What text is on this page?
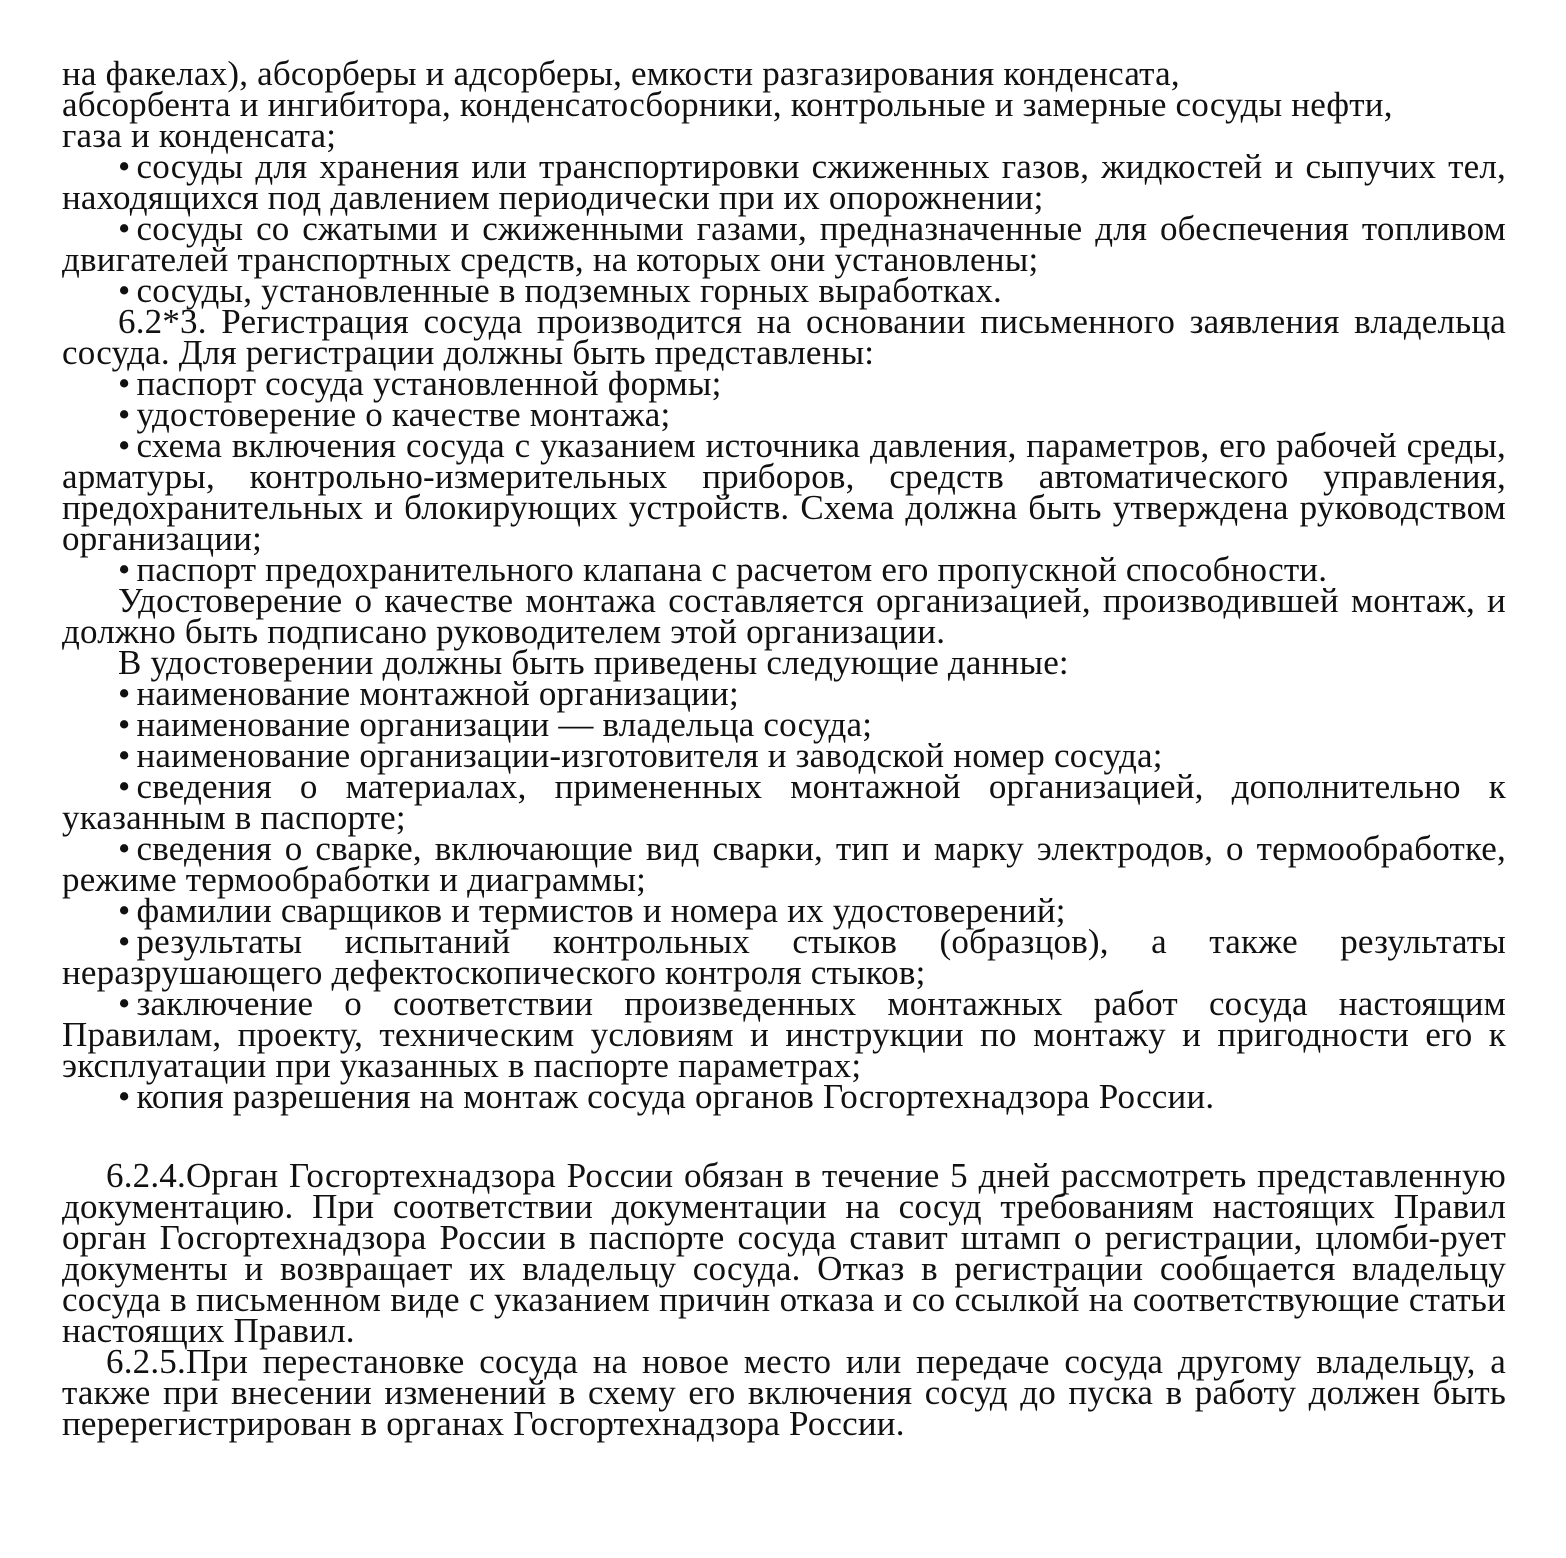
на факелах), абсорберы и адсорберы, емкости разгазирования конденсата,

абсорбента и ингибитора, конденсатосборники, контрольные и замерные сосуды нефти,

газа и конденсата;

• сосуды для хранения или транспортировки сжиженных газов, жидкостей и сыпучих тел, находящихся под давлением периодически при их опорожнении;

• сосуды со сжатыми и сжиженными газами, предназначенные для обеспечения топливом двигателей транспортных средств, на которых они установлены;

• сосуды, установленные в подземных горных выработках.

6.2*3. Регистрация сосуда производится на основании письменного заявления владельца сосуда. Для регистрации должны быть представлены:

• паспорт сосуда установленной формы;

• удостоверение о качестве монтажа;

• схема включения сосуда с указанием источника давления, параметров, его рабочей среды, арматуры, контрольно-измерительных приборов, средств автоматического управления, предохранительных и блокирующих устройств. Схема должна быть утверждена руководством организации;

• паспорт предохранительного клапана с расчетом его пропускной способности.

Удостоверение о качестве монтажа составляется организацией, производившей монтаж, и должно быть подписано руководителем этой организации.

В удостоверении должны быть приведены следующие данные:

• наименование монтажной организации;

• наименование организации — владельца сосуда;

• наименование организации-изготовителя и заводской номер сосуда;

• сведения о материалах, примененных монтажной организацией, дополнительно к указанным в паспорте;

• сведения о сварке, включающие вид сварки, тип и марку электродов, о термообработке, режиме термообработки и диаграммы;

• фамилии сварщиков и термистов и номера их удостоверений;

• результаты испытаний контрольных стыков (образцов), а также результаты неразрушающего дефектоскопического контроля стыков;

• заключение о соответствии произведенных монтажных работ сосуда настоящим Правилам, проекту, техническим условиям и инструкции по монтажу и пригодности его к эксплуатации при указанных в паспорте параметрах;

• копия разрешения на монтаж сосуда органов Госгортехнадзора России.

6.2.4.Орган Госгортехнадзора России обязан в течение 5 дней рассмотреть представленную документацию. При соответствии документации на сосуд требованиям настоящих Правил орган Госгортехнадзора России в паспорте сосуда ставит штамп о регистрации, цломби-рует документы и возвращает их владельцу сосуда. Отказ в регистрации сообщается владельцу сосуда в письменном виде с указанием причин отказа и со ссылкой на соответствующие статьи настоящих Правил.

6.2.5.При перестановке сосуда на новое место или передаче сосуда другому владельцу, а также при внесении изменений в схему его включения сосуд до пуска в работу должен быть перерегистрирован в органах Госгортехнадзора России.
